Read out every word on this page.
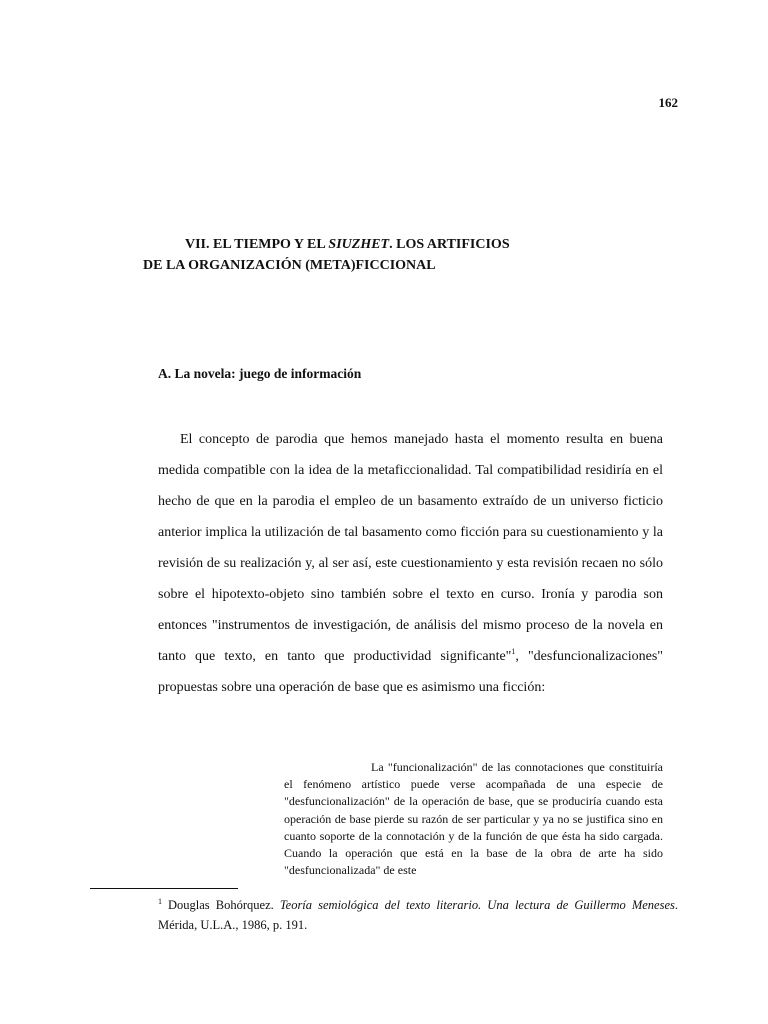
162
VII. EL TIEMPO Y EL SIUZHET. LOS ARTIFICIOS
DE LA ORGANIZACIÓN (META)FICCIONAL
A. La novela: juego de información

El concepto de parodia que hemos manejado hasta el momento resulta en buena medida compatible con la idea de la metaficcionalidad. Tal compatibilidad residiría en el hecho de que en la parodia el empleo de un basamento extraído de un universo ficticio anterior implica la utilización de tal basamento como ficción para su cuestionamiento y la revisión de su realización y, al ser así, este cuestionamiento y esta revisión recaen no sólo sobre el hipotexto-objeto sino también sobre el texto en curso. Ironía y parodia son entonces "instrumentos de investigación, de análisis del mismo proceso de la novela en tanto que texto, en tanto que productividad significante"$^1$, "desfuncionalizaciones" propuestas sobre una operación de base que es asimismo una ficción:

La "funcionalización" de las connotaciones que constituiría el fenómeno artístico puede verse acompañada de una especie de "desfuncionalización" de la operación de base, que se produciría cuando esta operación de base pierde su razón de ser particular y ya no se justifica sino en cuanto soporte de la connotación y de la función de que ésta ha sido cargada. Cuando la operación que está en la base de la obra de arte ha sido "desfuncionalizada" de este

$^1$ Douglas Bohórquez. Teoría semiológica del texto literario. Una lectura de Guillermo Meneses. Mérida, U.L.A., 1986, p. 191.
